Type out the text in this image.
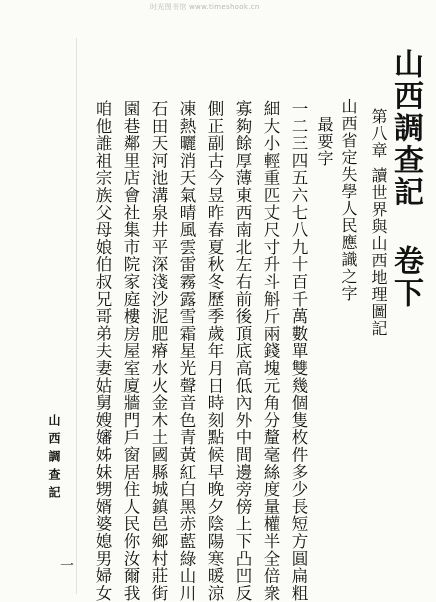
时光图书馆 www.timeshook.cn
山西調查記 卷下
第八章讀世界與山西地理圖記
山西省定失學人民應識之字
最要字
一二三四五六七八九十百千萬數單雙幾個隻枚件多少長短方圓扁粗
細大小輕重匹丈尺寸升斗斛斤兩錢塊元角分釐毫絲度量權半全倍衆
寡夠餘厚薄東西南北左右前後頂底高低內外中間邊旁傍上下凸凹反
側正副古今昱昨春夏秋冬歷季歲年月日時刻點候早晚夕陰陽寒暖涼
凍熱曬消天氣晴風雲雷霧露雪霜星光聲音色青黃紅白黑赤藍綠山川
石田天河池溝泉井平深淺沙泥肥瘠水火金木土國縣城鎮邑鄉村莊街
園巷鄰里店會社集市院家庭樓房屋室廈牆門戶窗居住人民你汝爾我
咱他誰祖宗族父母娘伯叔兄哥弟夫妻姑舅嫂嬸姊妹甥婿婆媳男婦女
山西調查記
一
